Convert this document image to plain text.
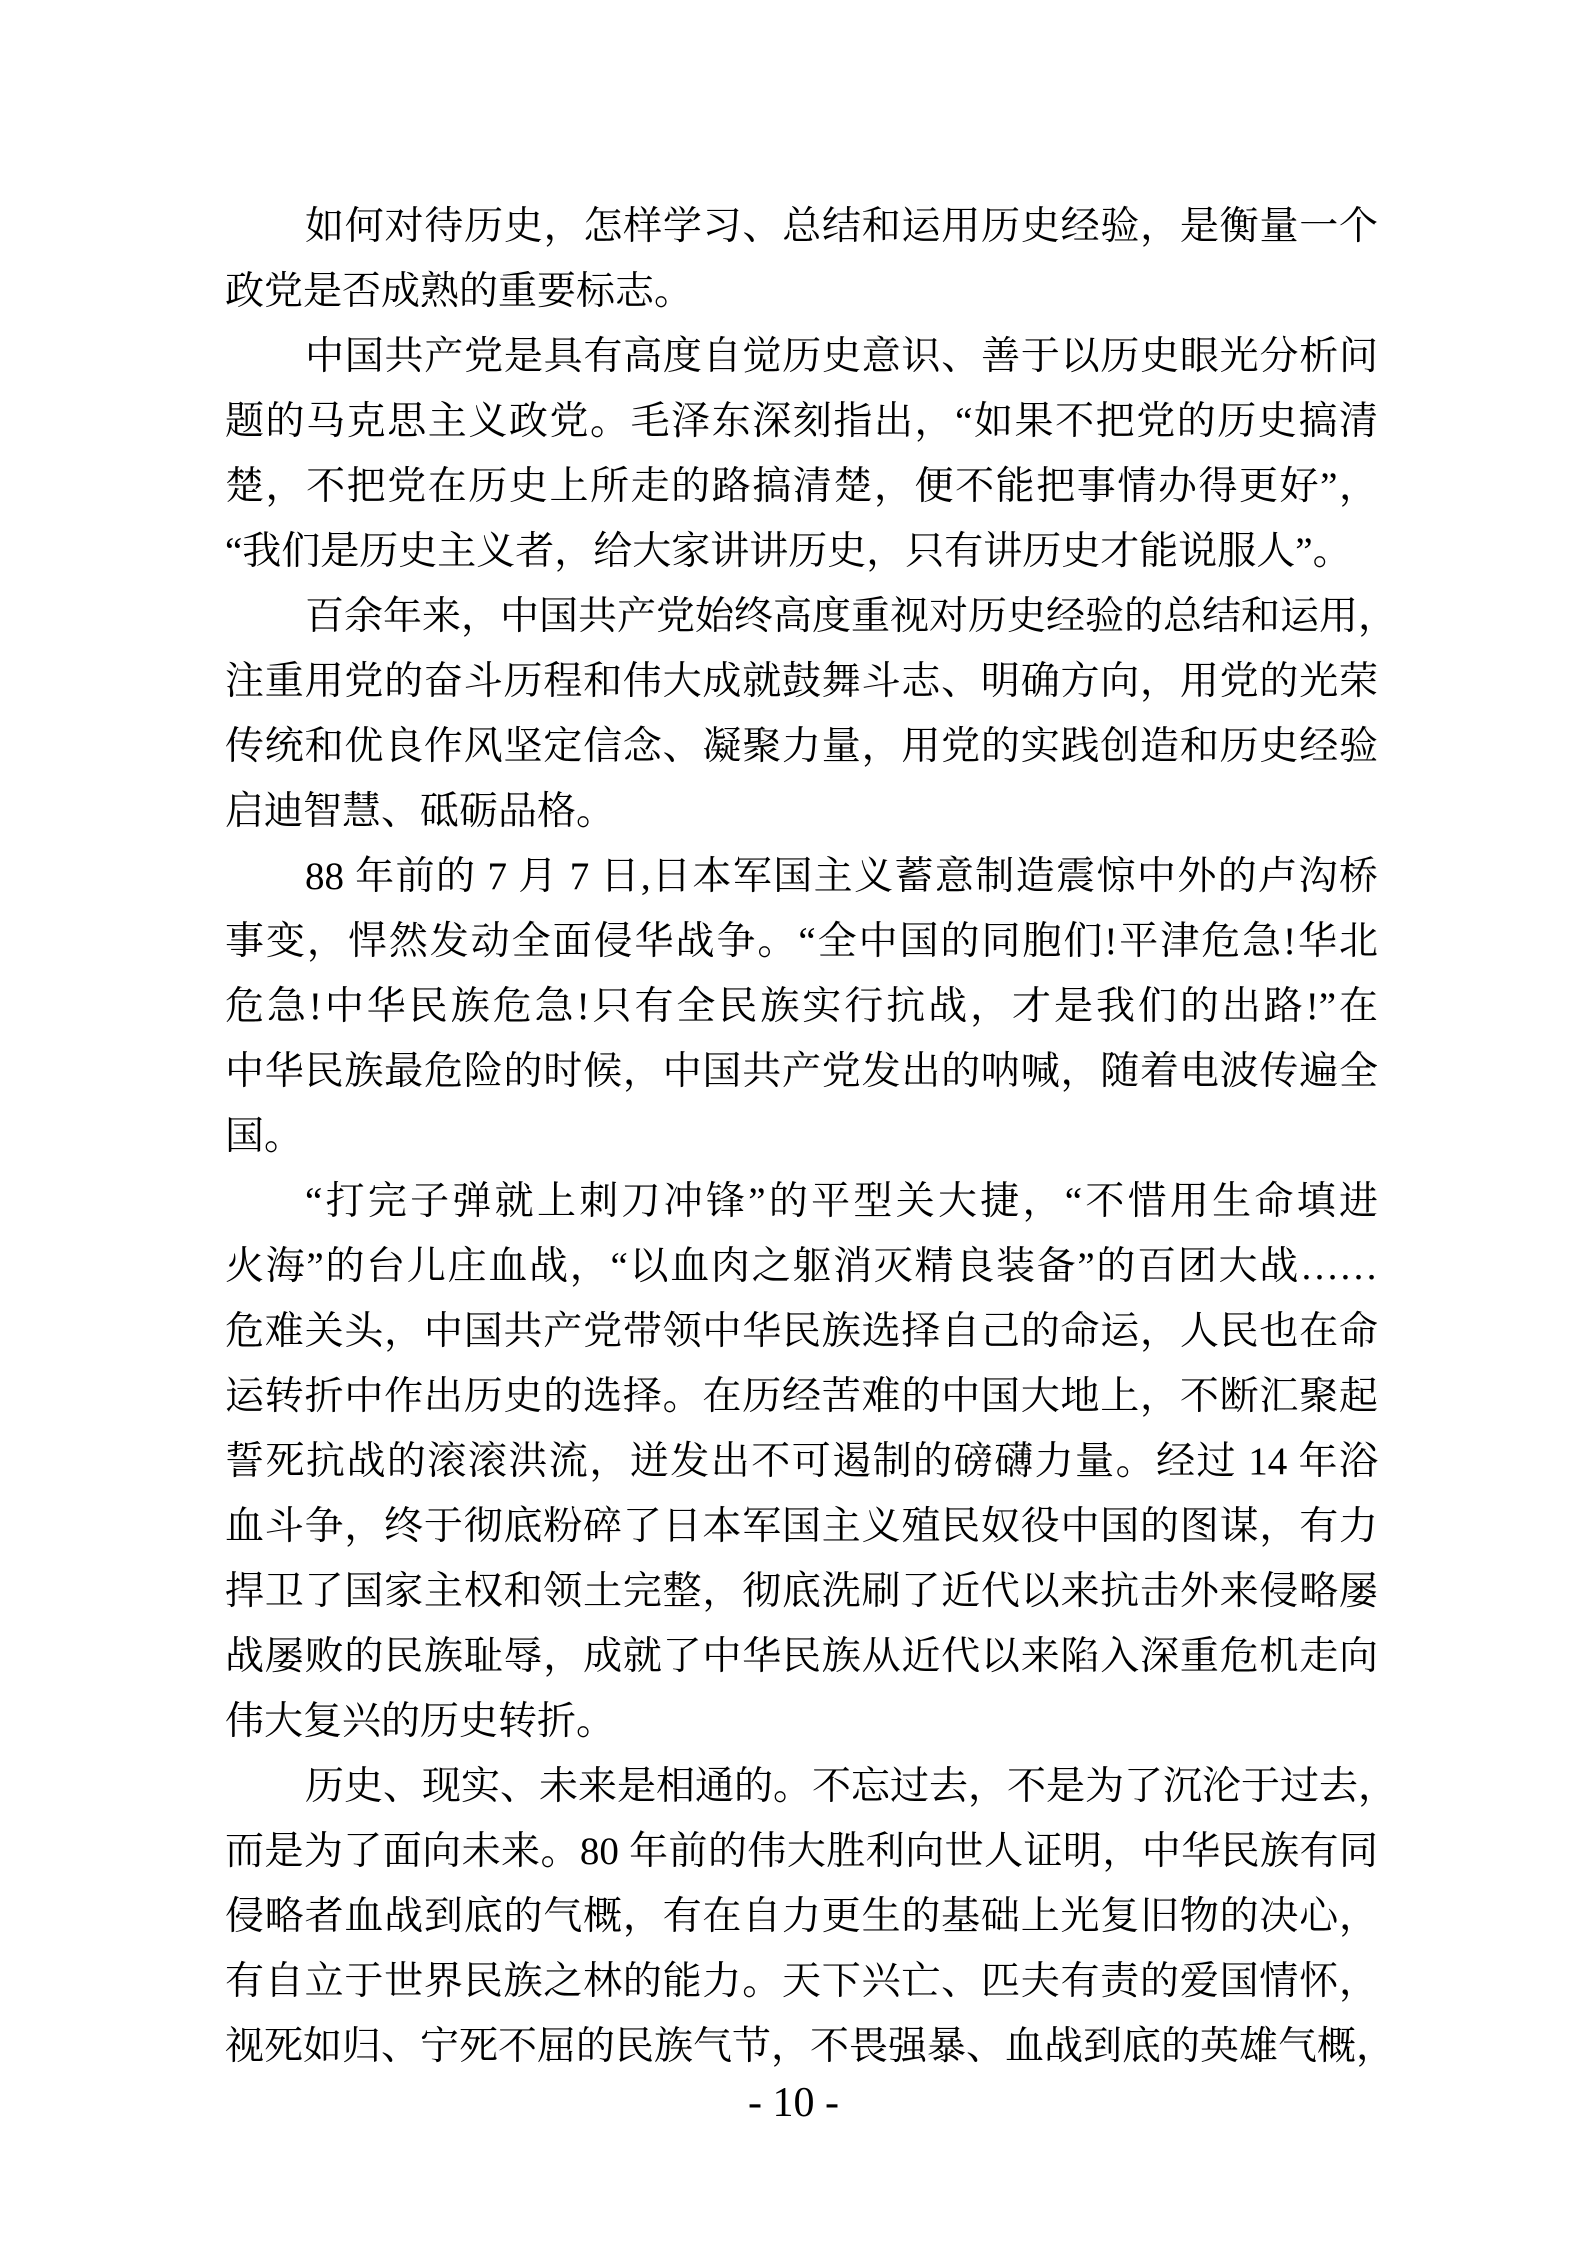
如何对待历史，怎样学习、总结和运用历史经验，是衡量一个

政党是否成熟的重要标志。

中国共产党是具有高度自觉历史意识、善于以历史眼光分析问

题的马克思主义政党。毛泽东深刻指出，“如果不把党的历史搞清

楚，不把党在历史上所走的路搞清楚，便不能把事情办得更好”，

“我们是历史主义者，给大家讲讲历史，只有讲历史才能说服人”。

百余年来，中国共产党始终高度重视对历史经验的总结和运用，

注重用党的奋斗历程和伟大成就鼓舞斗志、明确方向，用党的光荣

传统和优良作风坚定信念、凝聚力量，用党的实践创造和历史经验

启迪智慧、砥砺品格。

88 年前的 7 月 7 日,日本军国主义蓄意制造震惊中外的卢沟桥

事变，悍然发动全面侵华战争。“全中国的同胞们!平津危急!华北

危急!中华民族危急!只有全民族实行抗战，才是我们的出路!”在

中华民族最危险的时候，中国共产党发出的呐喊，随着电波传遍全

国。

“打完子弹就上刺刀冲锋”的平型关大捷，“不惜用生命填进

火海”的台儿庄血战，“以血肉之躯消灭精良装备”的百团大战……

危难关头，中国共产党带领中华民族选择自己的命运，人民也在命

运转折中作出历史的选择。在历经苦难的中国大地上，不断汇聚起

誓死抗战的滚滚洪流，迸发出不可遏制的磅礴力量。经过 14 年浴

血斗争，终于彻底粉碎了日本军国主义殖民奴役中国的图谋，有力

捍卫了国家主权和领土完整，彻底洗刷了近代以来抗击外来侵略屡

战屡败的民族耻辱，成就了中华民族从近代以来陷入深重危机走向

伟大复兴的历史转折。

历史、现实、未来是相通的。不忘过去，不是为了沉沦于过去，

而是为了面向未来。80 年前的伟大胜利向世人证明，中华民族有同

侵略者血战到底的气概，有在自力更生的基础上光复旧物的决心，

有自立于世界民族之林的能力。天下兴亡、匹夫有责的爱国情怀，

视死如归、宁死不屈的民族气节，不畏强暴、血战到底的英雄气概，

- 10 -
